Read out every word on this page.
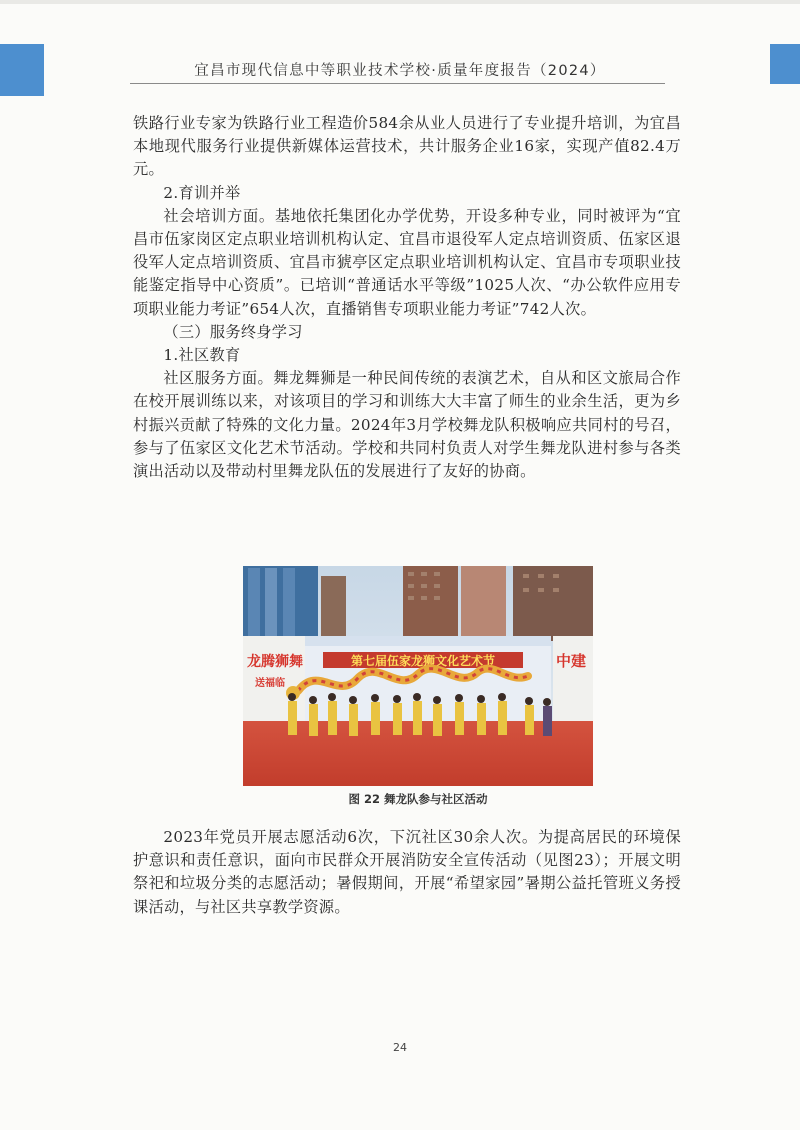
宜昌市现代信息中等职业技术学校·质量年度报告（2024）

铁路行业专家为铁路行业工程造价584余从业人员进行了专业提升培训，为宜昌本地现代服务行业提供新媒体运营技术，共计服务企业16家，实现产值82.4万元。

2.育训并举

社会培训方面。基地依托集团化办学优势，开设多种专业，同时被评为“宜昌市伍家岗区定点职业培训机构认定、宜昌市退役军人定点培训资质、伍家区退役军人定点培训资质、宜昌市猇亭区定点职业培训机构认定、宜昌市专项职业技能鉴定指导中心资质”。已培训“普通话水平等级”1025人次、“办公软件应用专项职业能力考证”654人次，直播销售专项职业能力考证”742人次。

（三）服务终身学习

1.社区教育

社区服务方面。舞龙舞狮是一种民间传统的表演艺术，自从和区文旅局合作在校开展训练以来，对该项目的学习和训练大大丰富了师生的业余生活，更为乡村振兴贡献了特殊的文化力量。2024年3月学校舞龙队积极响应共同村的号召，参与了伍家区文化艺术节活动。学校和共同村负责人对学生舞龙队进村参与各类演出活动以及带动村里舞龙队伍的发展进行了友好的协商。

第七届伍家龙狮文化艺术节
龙腾狮舞
送福临
中建
图 22 舞龙队参与社区活动

2023年党员开展志愿活动6次，下沉社区30余人次。为提高居民的环境保护意识和责任意识，面向市民群众开展消防安全宣传活动（见图23）；开展文明祭祀和垃圾分类的志愿活动；暑假期间，开展“希望家园”暑期公益托管班义务授课活动，与社区共享教学资源。

24
